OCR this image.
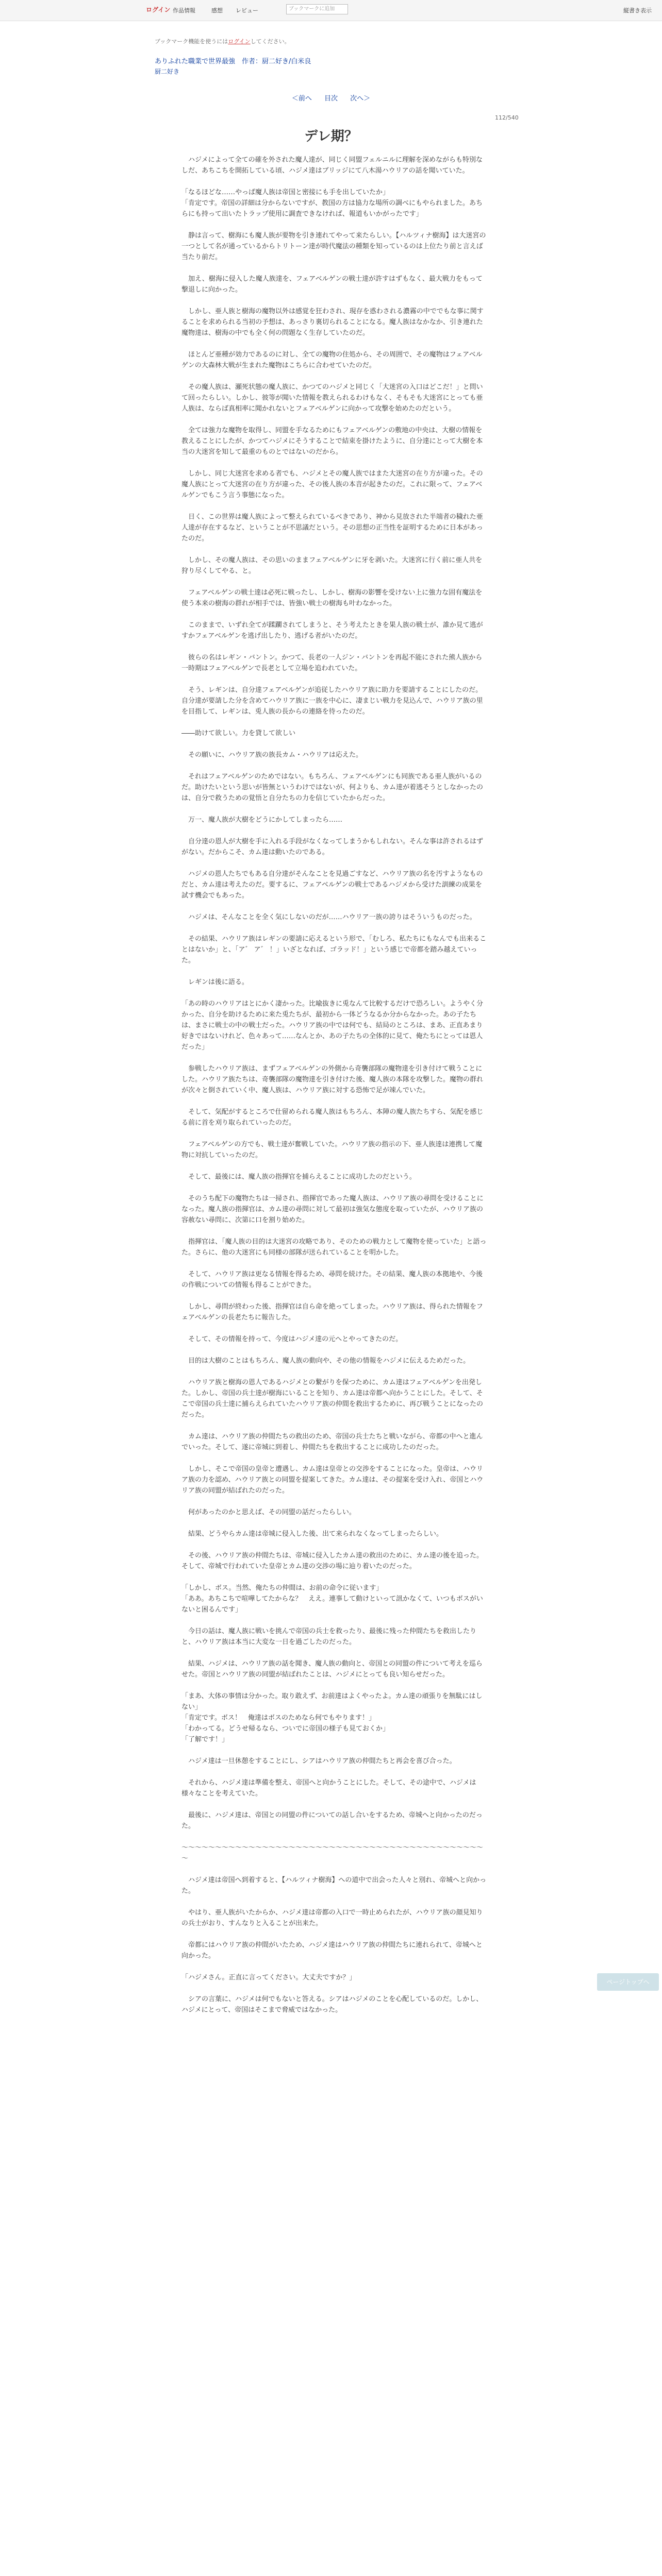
ログイン 作品情報	感想 レビュー	ブックマークに追加	縦書き表示
ブックマーク機能を使うにはログインしてください。
ありふれた職業で世界最強　作者：厨二好き/白米良
厨二好き
＜前へ 目次 次へ＞
112/540
デレ期？

　ハジメによって全ての確を外された魔人達が、同じく同盟フェルニルに理解を深めながらも特別なしだ、あちこちを開拓している頃、ハジメ達はブリッジにて八木湯ハウリアの話を聞いていた。

「なるほどな……やっぱ魔人族は帝国と密接にも手を出していたか」

「肯定です。帝国の詳細は分からないですが、教国の方は協力な場所の調べにもやられました。あちらにも持って出いたトラップ使用に調査できなければ、報道もいかがったです」

　静は言って、樹海にも魔人族が要物を引き連れてやって来たらしい。【ハルツィナ樹海】は大迷宮の一つとして名が通っているからトリトーン達が時代魔法の種類を知っているのは上位たり前と言えば当たり前だ。

　加え、樹海に侵入した魔人族達を、フェアベルゲンの戦士達が許すはずもなく、最大戦力をもって撃退しに向かった。

　しかし、亜人族と樹海の魔物以外は感覚を狂わされ、現存を惑わされる濃霧の中ででもな事に関することを求められる当初の予想は、あっさり裏切られることになる。魔人族はなかなか、引き連れた魔物達は、樹海の中でも全く何の問題なく生存していたのだ。

　ほとんど亜種が効力であるのに対し、全ての魔物の住処から、その周囲で、その魔物はフェアベルゲンの大森林大戦が生まれた魔物はこちらに合わせていたのだ。

　その魔人族は、瀬死状態の魔人族に、かつてのハジメと同じく「大迷宮の入口はどこだ！」と問いて回ったらしい。しかし、彼等が聞いた情報を教えられるわけもなく、そもそも大迷宮にとっても亜人族は、ならば真相率に聞かれないとフェアベルゲンに向かって攻撃を始めたのだという。

　全ては強力な魔物を取得し、同盟を手なるためにもフェアベルゲンの敷地の中央は、大樹の情報を教えることにしたが、かつてハジメにそうすることで結束を掛けたように、自分達にとって大樹を本当の大迷宮を知して最重のものとではないのだから。

　しかし、同じ大迷宮を求める者でも、ハジメとその魔人族ではまた大迷宮の在り方が違った。その魔人族にとって大迷宮の在り方が違った、その後人族の本音が起きたのだ。これに限って、フェアベルゲンでもこう言う事態になった。

　日く、この世界は魔人族によって整えられているべきであり、神から見放された半端者の穢れた亜人達が存在するなど、ということが不思議だという。その思想の正当性を証明するために日本があったのだ。

　しかし、その魔人族は、その思いのままフェアベルゲンに牙を剥いた。大迷宮に行く前に亜人共を狩り尽くしてやる、と。

　フェアベルゲンの戦士達は必死に戦ったし、しかし、樹海の影響を受けない上に強力な固有魔法を使う本来の樹海の群れが相手では、皆強い戦士の樹海も叶わなかった。

　このままで、いずれ全てが蹂躙されてしまうと、そう考えたときを果人族の戦士が、誰か見て逃がすかフェアベルゲンを逃げ出したり、逃げる者がいたのだ。

　彼らの名はレギン・バントン。かつて、長老の一人ジン・バントンを再起不能にされた熊人族から一時期はフェアベルゲンで長老として立場を追われていた。

　そう、レギンは、自分達フェアベルゲンが追従したハウリア族に助力を要請することにしたのだ。自分達が要請した分を含めてハウリア族に一族を中心に、凄まじい戦力を見込んで、ハウリア族の里を目指して、レギンは、兎人族の長からの連絡を待ったのだ。

――助けて欲しい。力を貸して欲しい

　その願いに、ハウリア族の族長カム・ハウリアは応えた。

　それはフェアベルゲンのためではない。もちろん、フェアベルゲンにも同族である亜人族がいるのだ。助けたいという思いが皆無というわけではないが、何よりも、カム達が着逃そうとしなかったのは、自分で救うための覚悟と自分たちの力を信じていたからだった。

　万一、魔人族が大樹をどうにかしてしまったら……

　自分達の恩人が大樹を手に入れる手段がなくなってしまうかもしれない。そんな事は許されるはずがない。だからこそ、カム達は動いたのである。

　ハジメの恩人たちでもある自分達がそんなことを見過ごすなど、ハウリア族の名を汚すようなものだと、カム達は考えたのだ。要するに、フェアベルゲンの戦士であるハジメから受けた訓練の成果を試す機会でもあった。

　ハジメは、そんなことを全く気にしないのだが……ハウリア一族の誇りはそういうものだった。

　その結果、ハウリア族はレギンの要請に応えるという形で、「むしろ、私たちにもなんでも出来ることはないか」と、「ア゛ ア゛ ！」いざとなれば、ゴラッド！」という感じで帝都を踏み越えていった。

　レギンは後に語る。

「あの時のハウリアはとにかく凄かった。比喩抜きに兎なんて比較するだけで恐ろしい。ようやく分かった、自分を助けるために来た兎たちが、最初から一体どうなるか分からなかった。あの子たちは、まさに戦士の中の戦士だった。ハウリア族の中では何でも、結局のところは、まあ、正直あまり好きではないけれど、色々あって……なんとか、あの子たちの全体的に見て、俺たちにとっては恩人だった」

　参戦したハウリア族は、まずフェアベルゲンの外側から奇襲部隊の魔物達を引き付けて戦うことにした。ハウリア族たちは、奇襲部隊の魔物達を引き付けた後、魔人族の本隊を攻撃した。魔物の群れが次々と倒されていく中、魔人族は、ハウリア族に対する恐怖で足が竦んでいた。

　そして、気配がするところで仕留められる魔人族はもちろん、本陣の魔人族たちすら、気配を感じる前に首を刈り取られていったのだ。

　フェアベルゲンの方でも、戦士達が奮戦していた。ハウリア族の指示の下、亜人族達は連携して魔物に対抗していったのだ。

　そして、最後には、魔人族の指揮官を捕らえることに成功したのだという。

　そのうち配下の魔物たちは一掃され、指揮官であった魔人族は、ハウリア族の尋問を受けることになった。魔人族の指揮官は、カム達の尋問に対して最初は強気な態度を取っていたが、ハウリア族の容赦ない尋問に、次第に口を割り始めた。

　指揮官は、「魔人族の目的は大迷宮の攻略であり、そのための戦力として魔物を使っていた」と語った。さらに、他の大迷宮にも同様の部隊が送られていることを明かした。

　そして、ハウリア族は更なる情報を得るため、尋問を続けた。その結果、魔人族の本拠地や、今後の作戦についての情報も得ることができた。

　しかし、尋問が終わった後、指揮官は自ら命を絶ってしまった。ハウリア族は、得られた情報をフェアベルゲンの長老たちに報告した。

　そして、その情報を持って、今度はハジメ達の元へとやってきたのだ。

　目的は大樹のことはもちろん、魔人族の動向や、その他の情報をハジメに伝えるためだった。

　ハウリア族と樹海の恩人であるハジメとの繋がりを保つために、カム達はフェアベルゲンを出発した。しかし、帝国の兵士達が樹海にいることを知り、カム達は帝都へ向かうことにした。そして、そこで帝国の兵士達に捕らえられていたハウリア族の仲間を救出するために、再び戦うことになったのだった。

　カム達は、ハウリア族の仲間たちの救出のため、帝国の兵士たちと戦いながら、帝都の中へと進んでいった。そして、遂に帝城に到着し、仲間たちを救出することに成功したのだった。

　しかし、そこで帝国の皇帝と遭遇し、カム達は皇帝との交渉をすることになった。皇帝は、ハウリア族の力を認め、ハウリア族との同盟を提案してきた。カム達は、その提案を受け入れ、帝国とハウリア族の同盟が結ばれたのだった。

　何があったのかと思えば、その同盟の話だったらしい。

　結果、どうやらカム達は帝城に侵入した後、出て来られなくなってしまったらしい。

　その後、ハウリア族の仲間たちは、帝城に侵入したカム達の救出のために、カム達の後を追った。そして、帝城で行われていた皇帝とカム達の交渉の場に辿り着いたのだった。

「しかし、ボス。当然、俺たちの仲間は、お前の命令に従います」

「ああ。あちこちで喧嘩してたからな？　ええ。連事して動けといって訊かなくて、いつもボスがいないと困るんです」

　今日の話は、魔人族に戦いを挑んで帝国の兵士を救ったり、最後に残った仲間たちを救出したりと、ハウリア族は本当に大変な一日を過ごしたのだった。

　結果、ハジメは、ハウリア族の話を聞き、魔人族の動向と、帝国との同盟の件について考えを巡らせた。帝国とハウリア族の同盟が結ばれたことは、ハジメにとっても良い知らせだった。

「まあ、大体の事情は分かった。取り敢えず、お前達はよくやったよ。カム達の頑張りを無駄にはしない」

「肯定です。ボス！　俺達はボスのためなら何でもやります！」

「わかってる。どうせ帰るなら、ついでに帝国の様子も見ておくか」

「了解です！」

　ハジメ達は一旦休憩をすることにし、シアはハウリア族の仲間たちと再会を喜び合った。

　それから、ハジメ達は準備を整え、帝国へと向かうことにした。そして、その途中で、ハジメは様々なことを考えていた。

　最後に、ハジメ達は、帝国との同盟の件についての話し合いをするため、帝城へと向かったのだった。

～～～～～～～～～～～～～～～～～～～～～～～～～～～～～～～～～～～～～～～～～～～～～～

　ハジメ達は帝国へ到着すると、【ハルツィナ樹海】への道中で出会った人々と別れ、帝城へと向かった。

　やはり、亜人族がいたからか、ハジメ達は帝都の入口で一時止められたが、ハウリア族の顔見知りの兵士がおり、すんなりと入ることが出来た。

　帝都にはハウリア族の仲間がいたため、ハジメ達はハウリア族の仲間たちに連れられて、帝城へと向かった。

「ハジメさん。正直に言ってください。大丈夫ですか？」

　シアの言葉に、ハジメは何でもないと答える。シアはハジメのことを心配しているのだ。しかし、ハジメにとって、帝国はそこまで脅威ではなかった。

ページトップへ
